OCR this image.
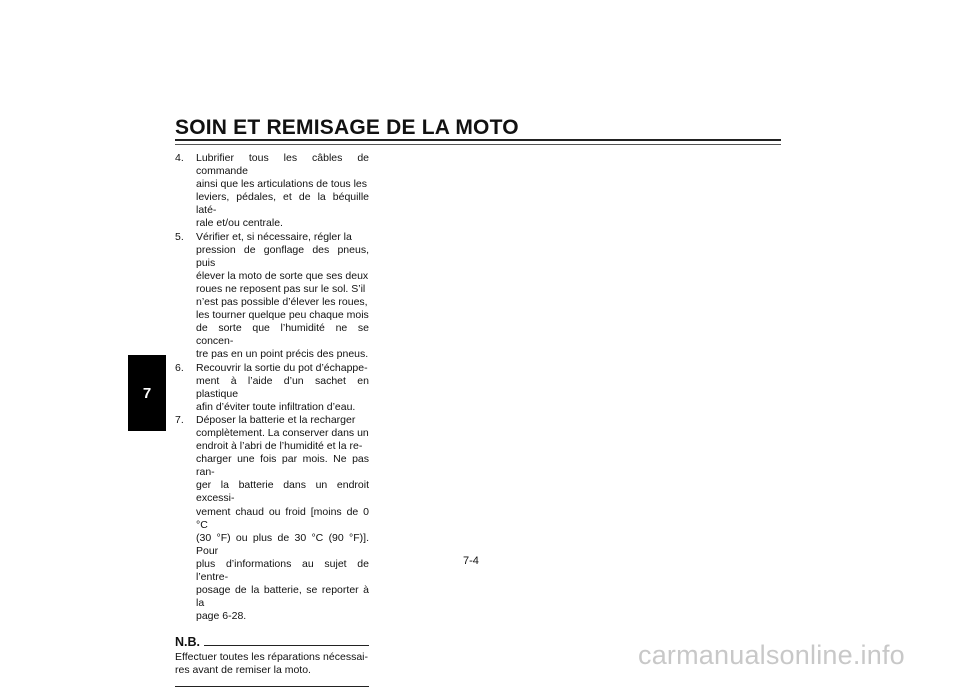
SOIN ET REMISAGE DE LA MOTO
7
4. Lubrifier tous les câbles de commande
ainsi que les articulations de tous les
leviers, pédales, et de la béquille laté-
rale et/ou centrale.
5. Vérifier et, si nécessaire, régler la
pression de gonflage des pneus, puis
élever la moto de sorte que ses deux
roues ne reposent pas sur le sol. S’il
n’est pas possible d’élever les roues,
les tourner quelque peu chaque mois
de sorte que l’humidité ne se concen-
tre pas en un point précis des pneus.
6. Recouvrir la sortie du pot d’échappe-
ment à l’aide d’un sachet en plastique
afin d’éviter toute infiltration d’eau.
7. Déposer la batterie et la recharger
complètement. La conserver dans un
endroit à l’abri de l’humidité et la re-
charger une fois par mois. Ne pas ran-
ger la batterie dans un endroit excessi-
vement chaud ou froid [moins de 0 °C
(30 °F) ou plus de 30 °C (90 °F)]. Pour
plus d’informations au sujet de l’entre-
posage de la batterie, se reporter à la
page 6-28.
N.B.
Effectuer toutes les réparations nécessai-
res avant de remiser la moto.
7-4
carmanualsonline.info
